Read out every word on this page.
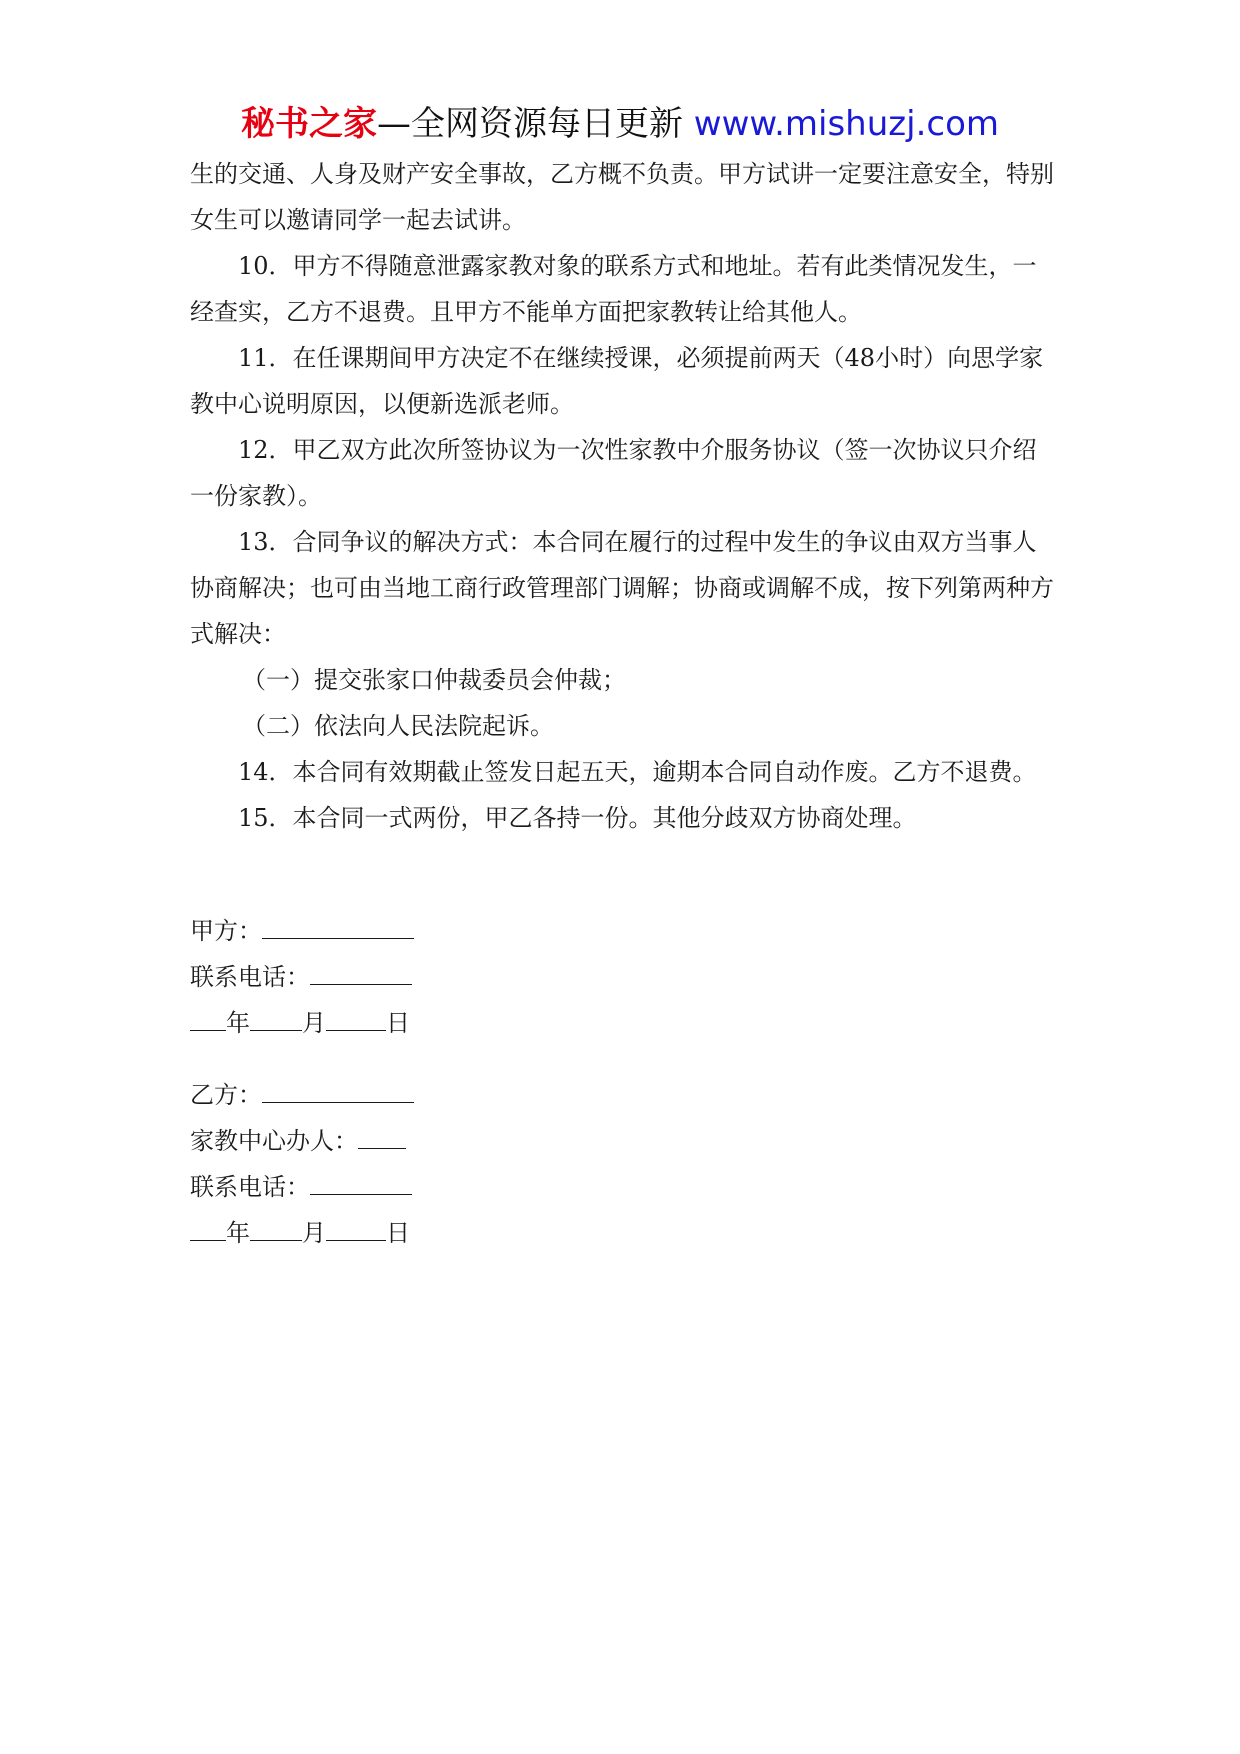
秘书之家—全网资源每日更新 www.mishuzj.com

生的交通、人身及财产安全事故，乙方概不负责。甲方试讲一定要注意安全，特别女生可以邀请同学一起去试讲。

10．甲方不得随意泄露家教对象的联系方式和地址。若有此类情况发生，一经查实，乙方不退费。且甲方不能单方面把家教转让给其他人。

11．在任课期间甲方决定不在继续授课，必须提前两天（48小时）向思学家教中心说明原因，以便新选派老师。

12．甲乙双方此次所签协议为一次性家教中介服务协议（签一次协议只介绍一份家教）。

13．合同争议的解决方式：本合同在履行的过程中发生的争议由双方当事人协商解决；也可由当地工商行政管理部门调解；协商或调解不成，按下列第两种方式解决：

（一）提交张家口仲裁委员会仲裁；

（二）依法向人民法院起诉。

14．本合同有效期截止签发日起五天，逾期本合同自动作废。乙方不退费。

15．本合同一式两份，甲乙各持一份。其他分歧双方协商处理。

甲方：
联系电话：
年 月	日
乙方：
家教中心办人：
联系电话：
年 月	日
